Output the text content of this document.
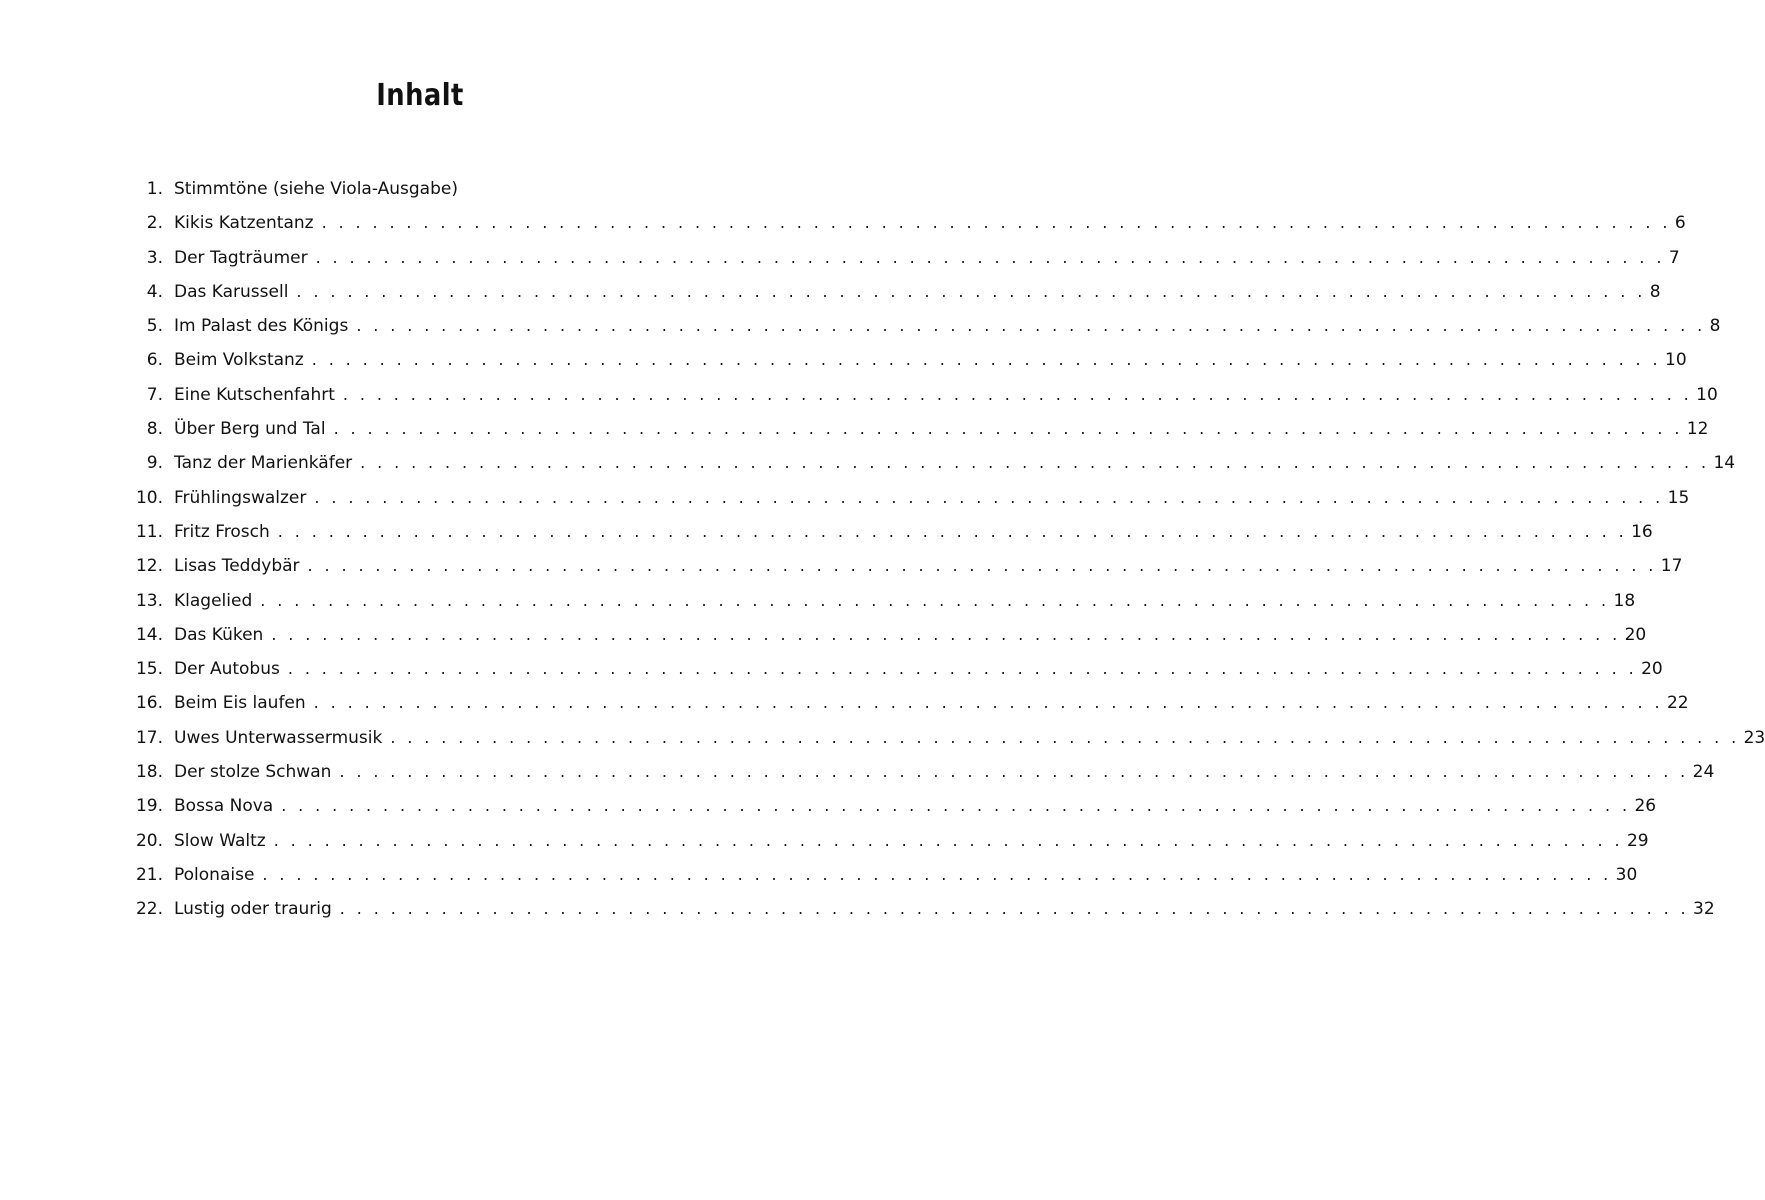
Inhalt
1. Stimmtöne (siehe Viola-Ausgabe)
2. Kikis Katzentanz . . . . . . . . . . . . . . . . . . . . . . . . . . . . . . . . . . . . . . . . . . . . . . . . . . . . . . . . . . . . . . . . . . . . . . . . . . . . . . . . 6
3. Der Tagträumer . . . . . . . . . . . . . . . . . . . . . . . . . . . . . . . . . . . . . . . . . . . . . . . . . . . . . . . . . . . . . . . . . . . . . . . . . . . . . . . . 7
4. Das Karussell . . . . . . . . . . . . . . . . . . . . . . . . . . . . . . . . . . . . . . . . . . . . . . . . . . . . . . . . . . . . . . . . . . . . . . . . . . . . . . . . 8
5. Im Palast des Königs . . . . . . . . . . . . . . . . . . . . . . . . . . . . . . . . . . . . . . . . . . . . . . . . . . . . . . . . . . . . . . . . . . . . . . . . . . . . . . . . 8
6. Beim Volkstanz . . . . . . . . . . . . . . . . . . . . . . . . . . . . . . . . . . . . . . . . . . . . . . . . . . . . . . . . . . . . . . . . . . . . . . . . . . . . . . . . 10
7. Eine Kutschenfahrt . . . . . . . . . . . . . . . . . . . . . . . . . . . . . . . . . . . . . . . . . . . . . . . . . . . . . . . . . . . . . . . . . . . . . . . . . . . . . . . . 10
8. Über Berg und Tal . . . . . . . . . . . . . . . . . . . . . . . . . . . . . . . . . . . . . . . . . . . . . . . . . . . . . . . . . . . . . . . . . . . . . . . . . . . . . . . . 12
9. Tanz der Marienkäfer . . . . . . . . . . . . . . . . . . . . . . . . . . . . . . . . . . . . . . . . . . . . . . . . . . . . . . . . . . . . . . . . . . . . . . . . . . . . . . . . 14
10. Frühlingswalzer . . . . . . . . . . . . . . . . . . . . . . . . . . . . . . . . . . . . . . . . . . . . . . . . . . . . . . . . . . . . . . . . . . . . . . . . . . . . . . . . 15
11. Fritz Frosch . . . . . . . . . . . . . . . . . . . . . . . . . . . . . . . . . . . . . . . . . . . . . . . . . . . . . . . . . . . . . . . . . . . . . . . . . . . . . . . . 16
12. Lisas Teddybär . . . . . . . . . . . . . . . . . . . . . . . . . . . . . . . . . . . . . . . . . . . . . . . . . . . . . . . . . . . . . . . . . . . . . . . . . . . . . . . . 17
13. Klagelied . . . . . . . . . . . . . . . . . . . . . . . . . . . . . . . . . . . . . . . . . . . . . . . . . . . . . . . . . . . . . . . . . . . . . . . . . . . . . . . . 18
14. Das Küken . . . . . . . . . . . . . . . . . . . . . . . . . . . . . . . . . . . . . . . . . . . . . . . . . . . . . . . . . . . . . . . . . . . . . . . . . . . . . . . . 20
15. Der Autobus . . . . . . . . . . . . . . . . . . . . . . . . . . . . . . . . . . . . . . . . . . . . . . . . . . . . . . . . . . . . . . . . . . . . . . . . . . . . . . . . 20
16. Beim Eis laufen . . . . . . . . . . . . . . . . . . . . . . . . . . . . . . . . . . . . . . . . . . . . . . . . . . . . . . . . . . . . . . . . . . . . . . . . . . . . . . . . 22
17. Uwes Unterwassermusik . . . . . . . . . . . . . . . . . . . . . . . . . . . . . . . . . . . . . . . . . . . . . . . . . . . . . . . . . . . . . . . . . . . . . . . . . . . . . . . . 23
18. Der stolze Schwan . . . . . . . . . . . . . . . . . . . . . . . . . . . . . . . . . . . . . . . . . . . . . . . . . . . . . . . . . . . . . . . . . . . . . . . . . . . . . . . . 24
19. Bossa Nova . . . . . . . . . . . . . . . . . . . . . . . . . . . . . . . . . . . . . . . . . . . . . . . . . . . . . . . . . . . . . . . . . . . . . . . . . . . . . . . . 26
20. Slow Waltz . . . . . . . . . . . . . . . . . . . . . . . . . . . . . . . . . . . . . . . . . . . . . . . . . . . . . . . . . . . . . . . . . . . . . . . . . . . . . . . . 29
21. Polonaise . . . . . . . . . . . . . . . . . . . . . . . . . . . . . . . . . . . . . . . . . . . . . . . . . . . . . . . . . . . . . . . . . . . . . . . . . . . . . . . . 30
22. Lustig oder traurig . . . . . . . . . . . . . . . . . . . . . . . . . . . . . . . . . . . . . . . . . . . . . . . . . . . . . . . . . . . . . . . . . . . . . . . . . . . . . . . . 32
